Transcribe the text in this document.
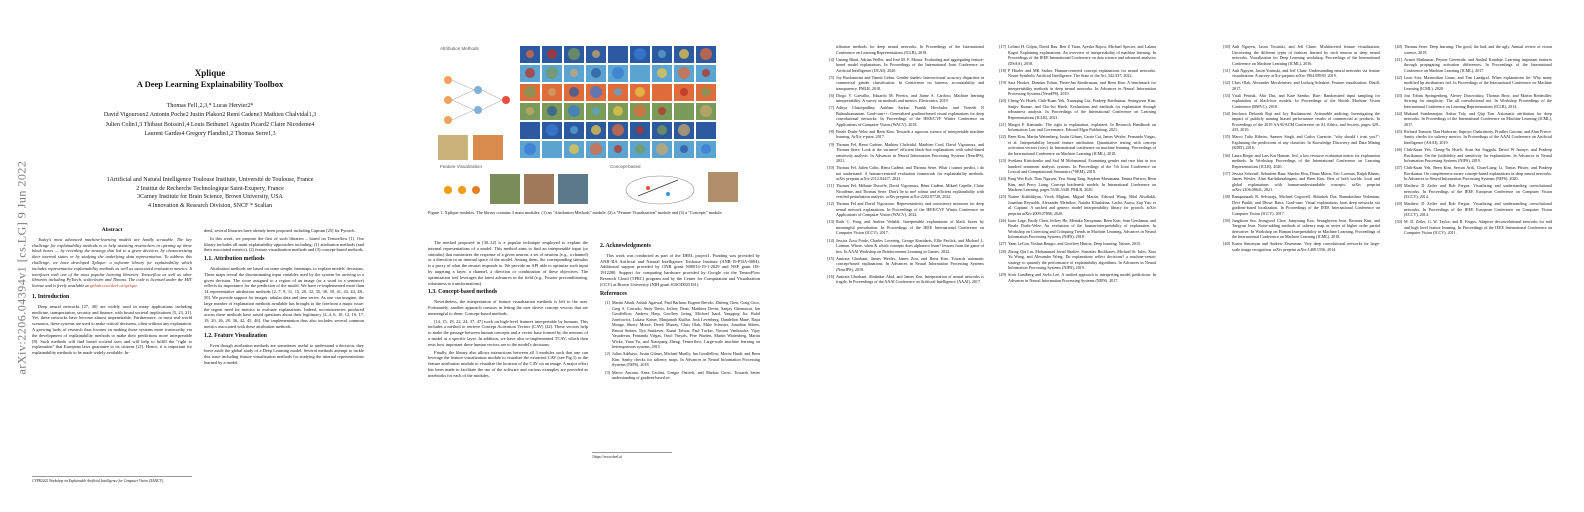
arXiv:2206.04394v1 [cs.LG] 9 Jun 2022
Xplique
A Deep Learning Explainability Toolbox
Thomas Fel1,2,3,* Lucas Hervier2*
David Vigouroux2 Antonin Poche2 Justin Plakoo2 Remi Cadene3 Mathieu Chalvidal1,3
Julien Colin1,3 Thibaut Boissin1,4 Louis Bethune1 Agustin Picard2 Claire Nicodeme4
Laurent Gardes4 Gregory Flandin1,2 Thomas Serre1,3
1Artificial and Natural Intelligence Toulouse Institute, Université de Toulouse, France
2 Institut de Recherche Technologique Saint-Exupery, France
3Carney Institute for Brain Science, Brown University, USA
4 Innovation & Research Division, SNCF * Scalian
Abstract
Today's most advanced machine-learning models are hardly scrutable. The key challenge for explainability methods is to help assisting researchers in opening up these black boxes — by revealing the strategy that led to a given decision, by characterizing their internal states or by studying the underlying data representation. To address this challenge, we have developed Xplique: a software library for explainability which includes representative explainability methods as well as associated evaluation metrics. It interfaces with one of the most popular learning libraries: Tensorflow as well as other libraries including PyTorch, scikit-learn and Theano. The code is licensed under the MIT license and is freely available at github.com/deel-ai/xplique.
1. Introduction
Deep neural networks [27, 40] are widely used in many applications including medicine, transportation, security and finance, with broad societal implications [5, 23, 31]. Yet, these networks have become almost impenetrable. Furthermore, in most real-world scenarios, these systems are used to make critical decisions, often without any explanation. A growing body of research thus focuses on making those systems more trustworthy via the development of explainability methods to make their predictions more interpretable [8]. Such methods will find broad societal uses and will help to fulfill the "right to explanation" that European laws guarantee to its citizens [21]. Hence, it is important for explainability methods to be made widely available. In-
deed, several libraries have already been proposed including Captum [25] for Pytorch.
In this work, we propose the first of such libraries – based on Tensorflow [1]. Our library includes all main explainability approaches including: (1) attribution methods (and their associated metrics), (2) feature visualization methods and (3) concept-based methods.
1.1. Attribution methods
Attribution methods are based on some simple, heatmaps, to explain models' decisions. These maps reveal the discriminating input variables used by the system for arriving to a given decision. The score assigned to a region of an image (or a word in a sentence) reflects its importance for the prediction of the model. We have re-implemented more than 14 representative attribution methods [2, 7, 9, 11, 15, 20, 32, 35, 38, 39, 41, 43, 44, 48–50]. We provide support for images, tabular data and time series. As one can imagine, the large number of explanation methods available has brought to the forefront a major issue: the urgent need for metrics to evaluate explanations. Indeed, inconsistencies produced across these methods have raised questions about their legitimacy [2–4, 6, 10, 12, 16, 17, 19, 20, 26, 28, 36, 42, 45, 46]. Our implementation thus also includes several common metrics associated with these attribution methods.
1.2. Feature Visualization
Even though attribution methods are sometimes useful to understand a decision, they leave aside the global study of a Deep Learning model. Several methods attempt to tackle this issue including feature visualization methods for studying the internal representations learned by a model.
CVPR2022 Workshop on Explainable Artificial Intelligence for Computer Vision (XAI4CV).
Attribution Methods
Feature Visualization	Concept-based
Figure 1. Xplique modules. The library contains 3 main modules: (1) an "Attribution Methods" module, (2) a "Feature Visualization" module and (3) a "Concepts" module.
The method proposed in [30–32] is a popular technique employed to explain the internal representations of a model. This method aims to find an interpretable input (or stimulus) that maximizes the response of a given neuron, a set of neurons (e.g., a channel) or a direction in an internal space of the model. Among them, the corresponding stimulus is a proxy of what the neuron responds to. We provide an API able to optimize such input by targeting a layer, a channel, a direction or combination of these objectives. The optimization tool leverages the latest advances in the field (e.g., Fourier preconditioning, robustness to transformations).
1.3. Concept-based methods
Nevertheless, the interpretation of feature visualization methods is left to the user. Fortunately, another approach consists in letting the user derive concept vectors that are meaningful to them: Concept-based methods.
[14, 15, 18, 22, 24, 37, 47] work on high-level features interpretable by humans. This includes a method to retrieve Concept Activation Vectors (CAV) [22]. These vectors help to make the passage between human concepts and a vector base formed by the neurons of a model at a specific layer. In addition, we have also re-implemented TCAV, which then tests how important these human vectors are to the model's decisions.
Finally, the library also allows interactions between all 3 modules such that one can leverage the feature visualization module to visualize the extracted CAV (see Fig.1) or the feature attribution module to visualize the location of the CAV on an image. A major effort has been made to facilitate the use of the software and various examples are provided as notebooks for each of the modules.
2. Acknowledgments
This work was conducted as part of the DEEL project1. Funding was provided by ANR-3IA Artificial and Natural Intelligence Toulouse Institute (ANR-19-PI3A-0004). Additional support provided by ONR grant N00014-19-1-2029 and NSF grant IIS-1912280. Support for computing hardware provided by Google via the TensorFlow Research Cloud (TFRC) program and by the Center for Computation and Visualization (CCV) at Brown University (NIH grant S10OD025181).
References
[1] Martín Abadi, Ashish Agarwal, Paul Barham, Eugene Brevdo, Zhifeng Chen, Craig Citro, Greg S. Corrado, Andy Davis, Jeffrey Dean, Matthieu Devin, Sanjay Ghemawat, Ian Goodfellow, Andrew Harp, Geoffrey Irving, Michael Isard, Yangqing Jia, Rafal Jozefowicz, Lukasz Kaiser, Manjunath Kudlur, Josh Levenberg, Dandelion Mané, Rajat Monga, Sherry Moore, Derek Murray, Chris Olah, Mike Schuster, Jonathon Shlens, Benoit Steiner, Ilya Sutskever, Kunal Talwar, Paul Tucker, Vincent Vanhoucke, Vijay Vasudevan, Fernanda Viégas, Oriol Vinyals, Pete Warden, Martin Wattenberg, Martin Wicke, Yuan Yu, and Xiaoqiang Zheng. Tensorflow: Large-scale machine learning on heterogeneous systems, 2015.
[2] Julius Adebayo, Justin Gilmer, Michael Muelly, Ian Goodfellow, Moritz Hardt, and Been Kim. Sanity checks for saliency maps. In Advances in Neural Information Processing Systems (NIPS), 2018.
[3] Marco Ancona, Enea Ceolini, Cengiz Öztireli, and Markus Gross. Towards better understanding of gradient-based at-
1https://www.deel.ai
tribution methods for deep neural networks. In Proceedings of the International Conference on Learning Representations (ICLR), 2018.
[4] Umang Bhatt, Adrian Weller, and José M. F. Moura. Evaluating and aggregating feature-based model explanations. In Proceedings of the International Joint Conference on Artificial Intelligence (IJCAI), 2020.
[5] Joy Buolamwini and Timnit Gebru. Gender shades: Intersectional accuracy disparities in commercial gender classification. In Conference on fairness, accountability and transparency. PMLR, 2018.
[6] Diogo V. Carvalho, Eduardo M. Pereira, and Jaime S. Cardoso. Machine learning interpretability: A survey on methods and metrics. Electronics, 2019.
[7] Aditya Chattopadhay, Anirban Sarkar, Prantik Howlader, and Vineeth N Balasubramanian. Grad-cam++: Generalized gradient-based visual explanations for deep convolutional networks. In Proceedings of the IEEE/CVF Winter Conference on Applications of Computer Vision (WACV), 2018.
[8] Finale Doshi-Velez and Been Kim. Towards a rigorous science of interpretable machine learning. ArXiv e-print, 2017.
[9] Thomas Fel, Remi Cadene, Mathieu Chalvidal, Matthieu Cord, David Vigouroux, and Thomas Serre. Look at the variance! efficient black-box explanations with sobol-based sensitivity analysis. In Advances in Neural Information Processing Systems (NeurIPS), 2021.
[10] Thomas Fel, Julien Colin, Rémi Cadène, and Thomas Serre. What i cannot predict, i do not understand: A human-centered evaluation framework for explainability methods. arXiv preprint arXiv:2112.04417, 2021.
[11] Thomas Fel, Mélanie Ducoffe, David Vigouroux, Rémi Cadène, Mikael Capelle, Claire Nicodème, and Thomas Serre. Don't lie to me! robust and efficient explainability with verified perturbation analysis. arXiv preprint arXiv:2202.07728, 2022.
[12] Thomas Fel and David Vigouroux. Representativity and consistency measures for deep neural network explanations. In Proceedings of the IEEE/CVF Winter Conference on Applications of Computer Vision (WACV), 2022.
[13] Ruth C. Fong and Andrea Vedaldi. Interpretable explanations of black boxes by meaningful perturbation. In Proceedings of the IEEE International Conference on Computer Vision (ICCV), 2017.
[14] Jessica Zosa Forde, Charles Lovering, George Konidaris, Ellie Pavlick, and Michael L. Littman. Where, when & which concepts does alphazero learn? lessons from the game of hex. In AAAI Workshop on Reinforcement Learning in Games, 2022.
[15] Amirata Ghorbani, James Wexler, James Zou, and Been Kim. Towards automatic concept-based explanations. In Advances in Neural Information Processing Systems (NeurIPS), 2019.
[16] Amirata Ghorbani, Abubakar Abid, and James Zou. Interpretation of neural networks is fragile. In Proceedings of the AAAI Conference on Artificial Intelligence (AAAI), 2017.
[17] Leilani H. Gilpin, David Bau, Ben Z Yuan, Ayesha Bajwa, Michael Specter, and Lalana Kagal. Explaining explanations: An overview of interpretability of machine learning. In Proceedings of the IEEE International Conference on data science and advanced analytics (DSAA), 2018.
[18] P Hitzler and MK Sarker. Human-centered concept explanations for neural networks. Neuro-Symbolic Artificial Intelligence: The State of the Art, 342:337, 2022.
[19] Sara Hooker, Dumitru Erhan, Pieter-Jan Kindermans, and Been Kim. A benchmark for interpretability methods in deep neural networks. In Advances in Neural Information Processing Systems (NeurIPS), 2019.
[20] Cheng-Yu Hsieh, Chih-Kuan Yeh, Xuanqing Liu, Pradeep Ravikumar, Seungyeon Kim, Sanjiv Kumar, and Cho-Jui Hsieh. Evaluations and methods for explanation through robustness analysis. In Proceedings of the International Conference on Learning Representations (ICLR), 2021.
[21] Margot E Kaminski. The right to explanation, explained. In Research Handbook on Information Law and Governance. Edward Elgar Publishing, 2021.
[22] Been Kim, Martin Wattenberg, Justin Gilmer, Carrie Cai, James Wexler, Fernanda Viegas, et al. Interpretability beyond feature attribution: Quantitative testing with concept activation vectors (tcav). In International conference on machine learning. Proceedings of the International Conference on Machine Learning (ICML), 2018.
[23] Svetlana Kiritchenko and Saif M Mohammad. Examining gender and race bias in two hundred sentiment analysis systems. In Proceedings of the 7th Joint Conference on Lexical and Computational Semantics (*SEM), 2018.
[24] Pang Wei Koh, Thao Nguyen, Yew Siang Tang, Stephen Mussmann, Emma Pierson, Been Kim, and Percy Liang. Concept bottleneck models. In International Conference on Machine Learning, pages 5338–5348. PMLR, 2020.
[25] Narine Kokhlikyan, Vivek Miglani, Miguel Martin, Edward Wang, Bilal Alsallakh, Jonathan Reynolds, Alexander Melnikov, Natalia Kliushkina, Carlos Araya, Siqi Yan, et al. Captum: A unified and generic model interpretability library for pytorch. arXiv preprint arXiv:2009.07896, 2020.
[26] Isaac Lage, Emily Chen, Jeffrey He, Menaka Narayanan, Been Kim, Sam Gershman, and Finale Doshi-Velez. An evaluation of the human-interpretability of explanation. In Workshop on Correcting and Critiquing Trends in Machine Learning, Advances in Neural Information Processing Systems (NIPS), 2018.
[27] Yann LeCun, Yoshua Bengio, and Geoffrey Hinton. Deep learning. Nature, 2015.
[28] Zhong Qiu Lin, Mohammad Javad Shafiee, Stanislav Bochkarev, Michael St. Jules, Xiao Yu Wang, and Alexander Wong. Do explanations reflect decisions? a machine-centric strategy to quantify the performance of explainability algorithms. In Advances in Neural Information Processing Systems (NIPS), 2019.
[29] Scott Lundberg and Su-In Lee. A unified approach to interpreting model predictions. In Advances in Neural Information Processing Systems (NIPS), 2017.
[30] Anh Nguyen, Jason Yosinski, and Jeff Clune. Multifaceted feature visualization: Uncovering the different types of features learned by each neuron in deep neural networks. Visualization for Deep Learning workshop, Proceedings of the International Conference on Machine Learning (ICML), 2016.
[31] Anh Nguyen, Jason Yosinski, and Jeff Clune. Understanding neural networks via feature visualization: A survey. arXiv preprint arXiv:1904.08939, 2019.
[32] Chris Olah, Alexander Mordvintsev, and Ludwig Schubert. Feature visualization. Distill, 2017.
[33] Vitali Petsiuk, Abir Das, and Kate Saenko. Rise: Randomized input sampling for explanation of black-box models. In Proceedings of the British Machine Vision Conference (BMVC), 2018.
[34] Inioluwa Deborah Raji and Joy Buolamwini. Actionable auditing: Investigating the impact of publicly naming biased performance results of commercial ai products. In Proceedings of the 2019 AAAI/ACM Conference on AI, Ethics, and Society, pages 429–435, 2019.
[35] Marco Tulio Ribeiro, Sameer Singh, and Carlos Guestrin. "why should i trust you?": Explaining the predictions of any classifier. In Knowledge Discovery and Data Mining (KDD), 2016.
[36] Laura Rieger and Lars Kai Hansen. Irof: a low resource evaluation metric for explanation methods. In Workshop Proceedings of the International Conference on Learning Representations (ICLR), 2020.
[37] Jessica Schrouff, Sebastien Baur, Shaobo Hou, Diana Mincu, Eric Loreaux, Ralph Blanes, James Wexler, Alan Karthikesalingam, and Been Kim. Best of both worlds: local and global explanations with human-understandable concepts. arXiv preprint arXiv:2106.08641, 2021.
[38] Ramprasaath R. Selvaraju, Michael Cogswell, Abhishek Das, Ramakrishna Vedantam, Devi Parikh, and Dhruv Batra. Grad-cam: Visual explanations from deep networks via gradient-based localization. In Proceedings of the IEEE International Conference on Computer Vision (ICCV), 2017.
[39] Junghoon Seo, Jeongyeol Choe, Jamyoung Koo, Seunghyeon Jeon, Beomsu Kim, and Taegyun Jeon. Noise-adding methods of saliency map as series of higher order partial derivative. In Workshop on Human Interpretability in Machine Learning, Proceedings of the International Conference on Machine Learning (ICML), 2018.
[40] Karen Simonyan and Andrew Zisserman. Very deep convolutional networks for large-scale image recognition. arXiv preprint arXiv:1409.1556, 2014.
[40] Thomas Serre. Deep learning: The good, the bad, and the ugly. Annual review of vision science, 2019.
[41] Avanti Shrikumar, Peyton Greenside, and Anshul Kundaje. Learning important features through propagating activation differences. In Proceedings of the International Conference on Machine Learning (ICML), 2017.
[42] Leon Sixt, Maximilian Granz, and Tim Landgraf. When explanations lie: Why many modified bp attributions fail. In Proceedings of the International Conference on Machine Learning (ICML), 2020.
[43] Jost Tobias Springenberg, Alexey Dosovitskiy, Thomas Brox, and Martin Riedmiller. Striving for simplicity: The all convolutional net. In Workshop Proceedings of the International Conference on Learning Representations (ICLR), 2014.
[44] Mukund Sundararajan, Ankur Taly, and Qiqi Yan. Axiomatic attribution for deep networks. In Proceedings of the International Conference on Machine Learning (ICML), 2017.
[45] Richard Tomsett, Dan Harborne, Supriyo Chakraborty, Prudhvi Gurram, and Alun Preece. Sanity checks for saliency metrics. In Proceedings of the AAAI Conference on Artificial Intelligence (AAAI), 2019.
[46] Chih-Kuan Yeh, Cheng-Yu Hsieh, Arun Sai Suggala, David W Inouye, and Pradeep Ravikumar. On the (in)fidelity and sensitivity for explanations. In Advances in Neural Information Processing Systems (NIPS), 2019.
[47] Chih-Kuan Yeh, Been Kim, Sercan Arik, Chun-Liang Li, Tomas Pfister, and Pradeep Ravikumar. On completeness-aware concept-based explanations in deep neural networks. In Advances in Neural Information Processing Systems (NIPS), 2020.
[48] Matthew D Zeiler and Rob Fergus. Visualizing and understanding convolutional networks. In Proceedings of the IEEE European Conference on Computer Vision (ECCV), 2014.
[49] Matthew D Zeiler and Rob Fergus. Visualizing and understanding convolutional networks. In Proceedings of the IEEE European Conference on Computer Vision (ECCV), 2014.
[50] M. D. Zeiler, G. W. Taylor, and R. Fergus. Adaptive deconvolutional networks for mid and high level feature learning. In Proceedings of the IEEE International Conference on Computer Vision (ICCV), 2011.
